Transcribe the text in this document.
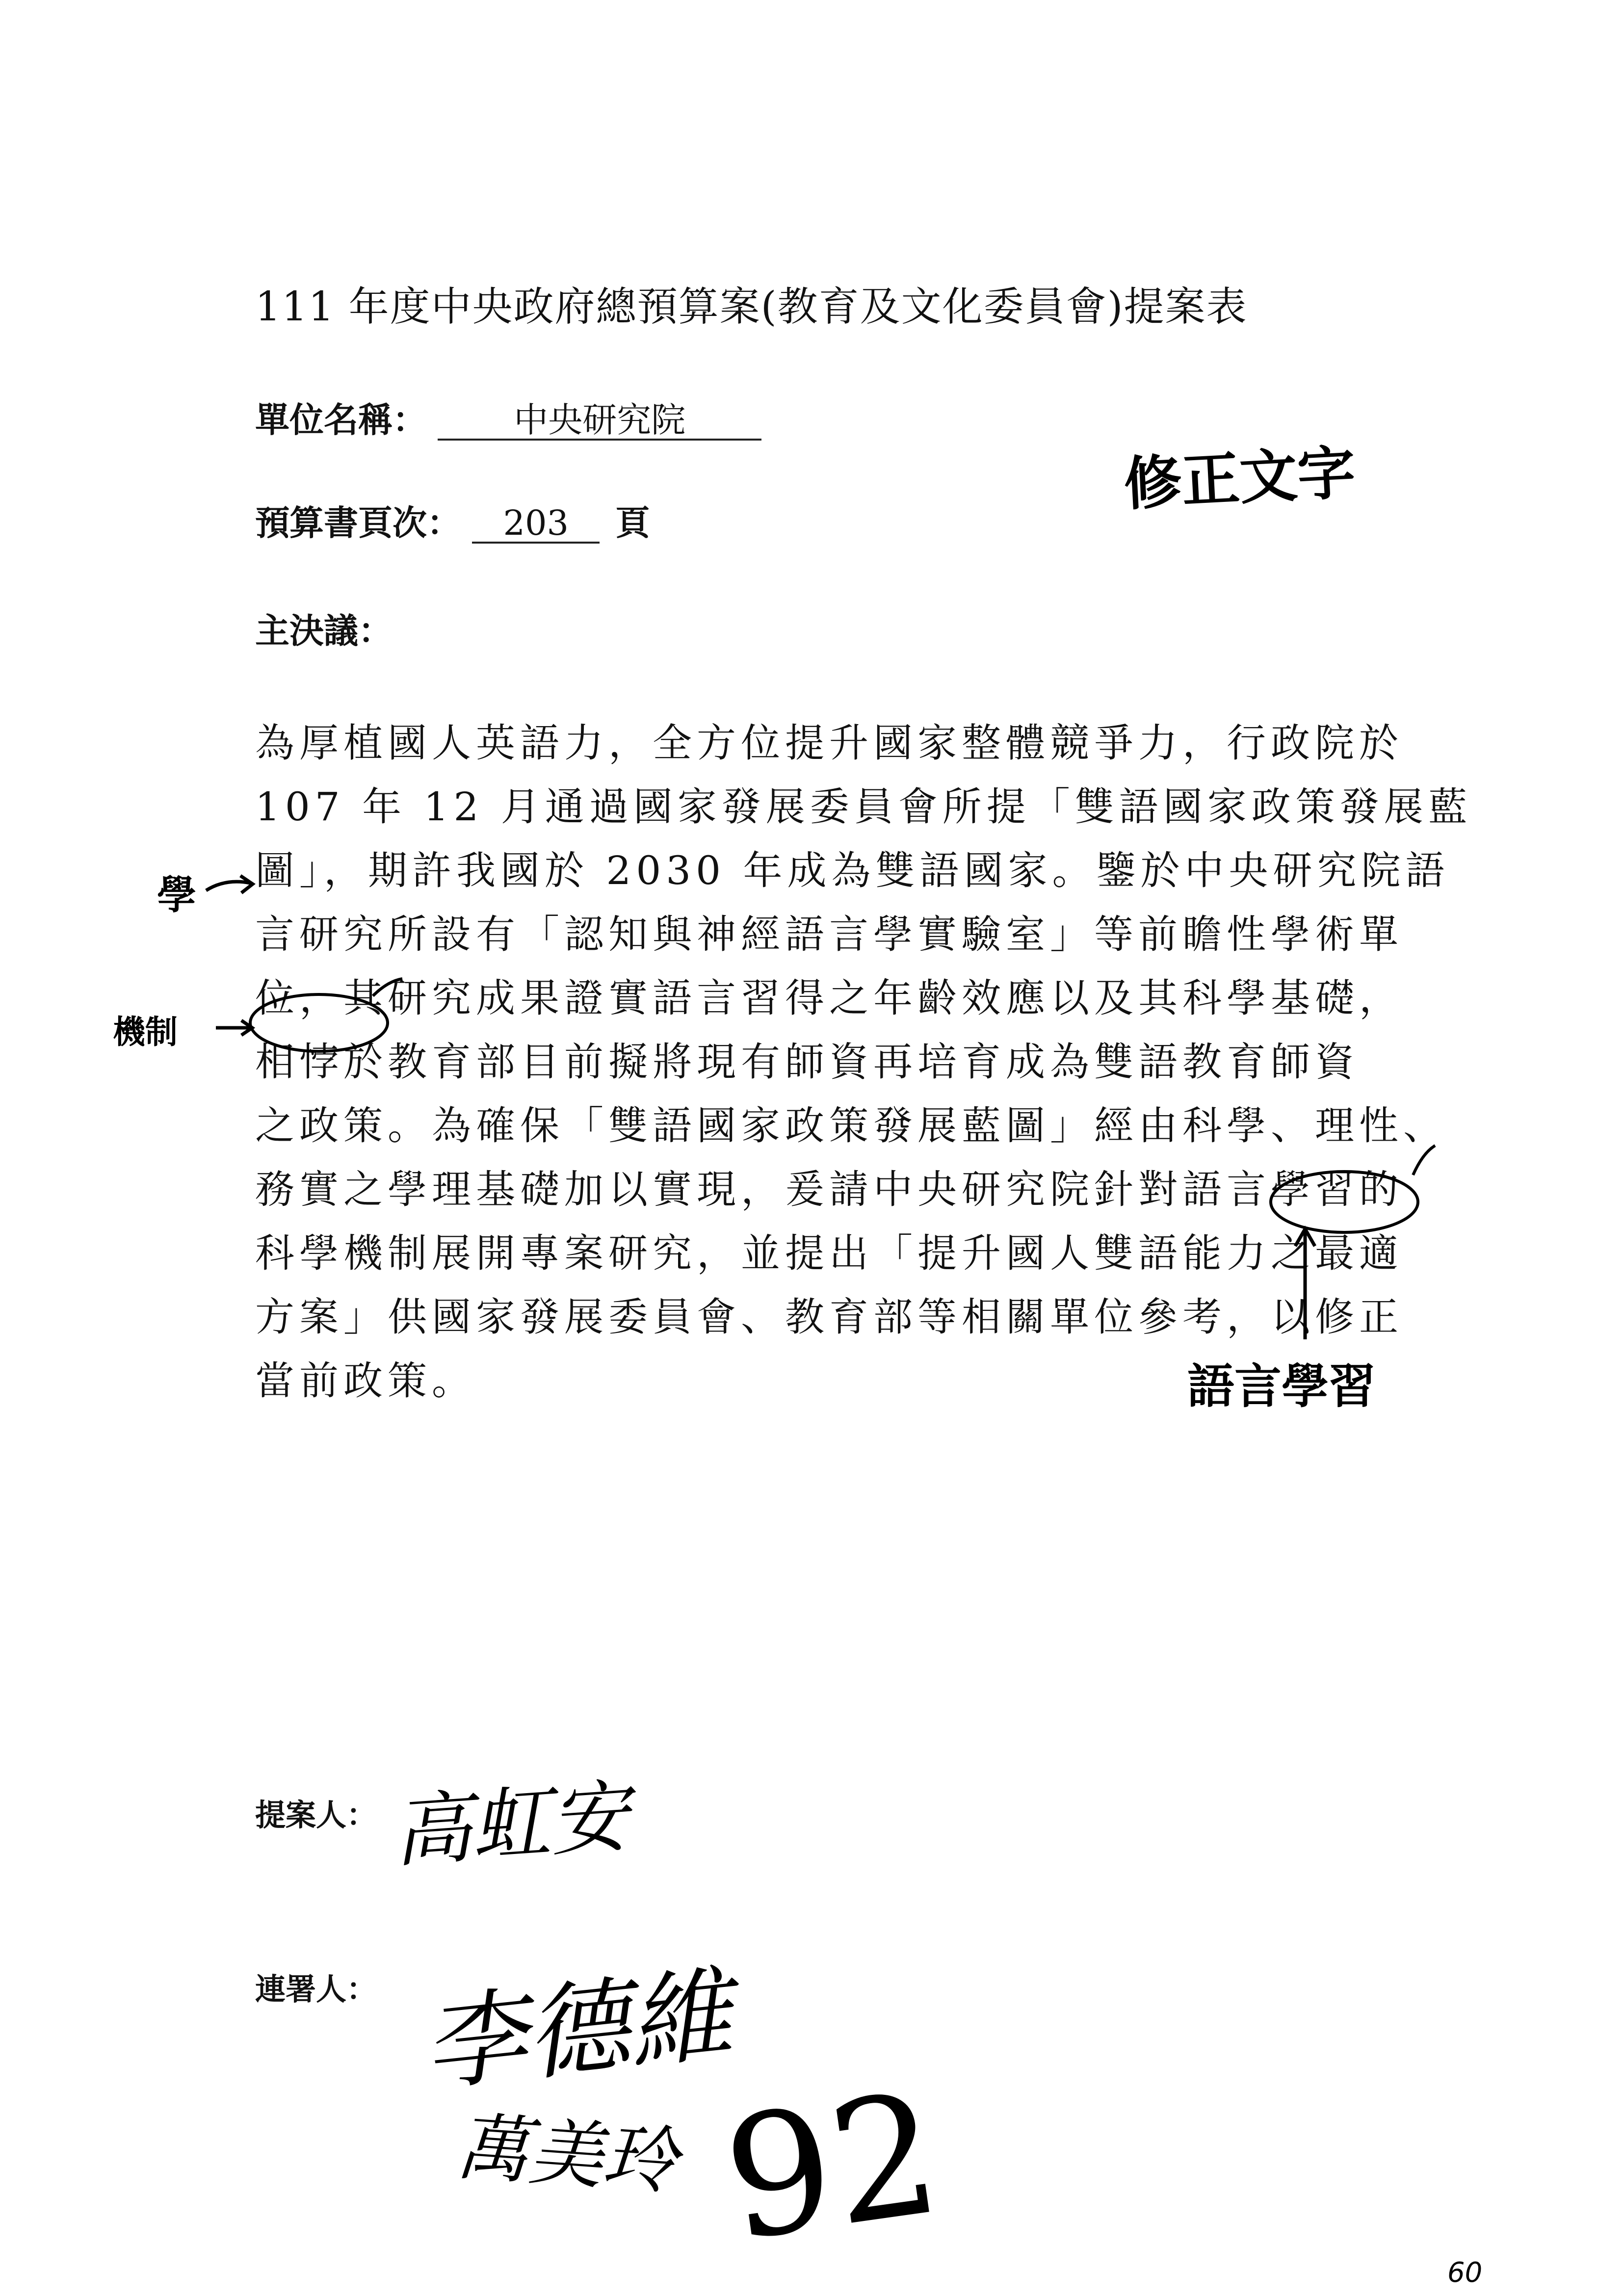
111 年度中央政府總預算案(教育及文化委員會)提案表
單位名稱：	中央研究院
預算書頁次： 203 頁
主決議：
為厚植國人英語力，全方位提升國家整體競爭力，行政院於
107 年 12 月通過國家發展委員會所提「雙語國家政策發展藍
圖」，期許我國於 2030 年成為雙語國家。鑒於中央研究院語
言研究所設有「認知與神經語言學實驗室」等前瞻性學術單
位，其研究成果證實語言習得之年齡效應以及其科學基礎，
相悖於教育部目前擬將現有師資再培育成為雙語教育師資
之政策。為確保「雙語國家政策發展藍圖」經由科學、理性、
務實之學理基礎加以實現，爰請中央研究院針對語言學習的
科學機制展開專案研究，並提出「提升國人雙語能力之最適
方案」供國家發展委員會、教育部等相關單位參考，以修正
當前政策。
修正文字
學
機制
語言學習
60
提案人： 高虹安
連署人： 李德維
萬美玲 92
